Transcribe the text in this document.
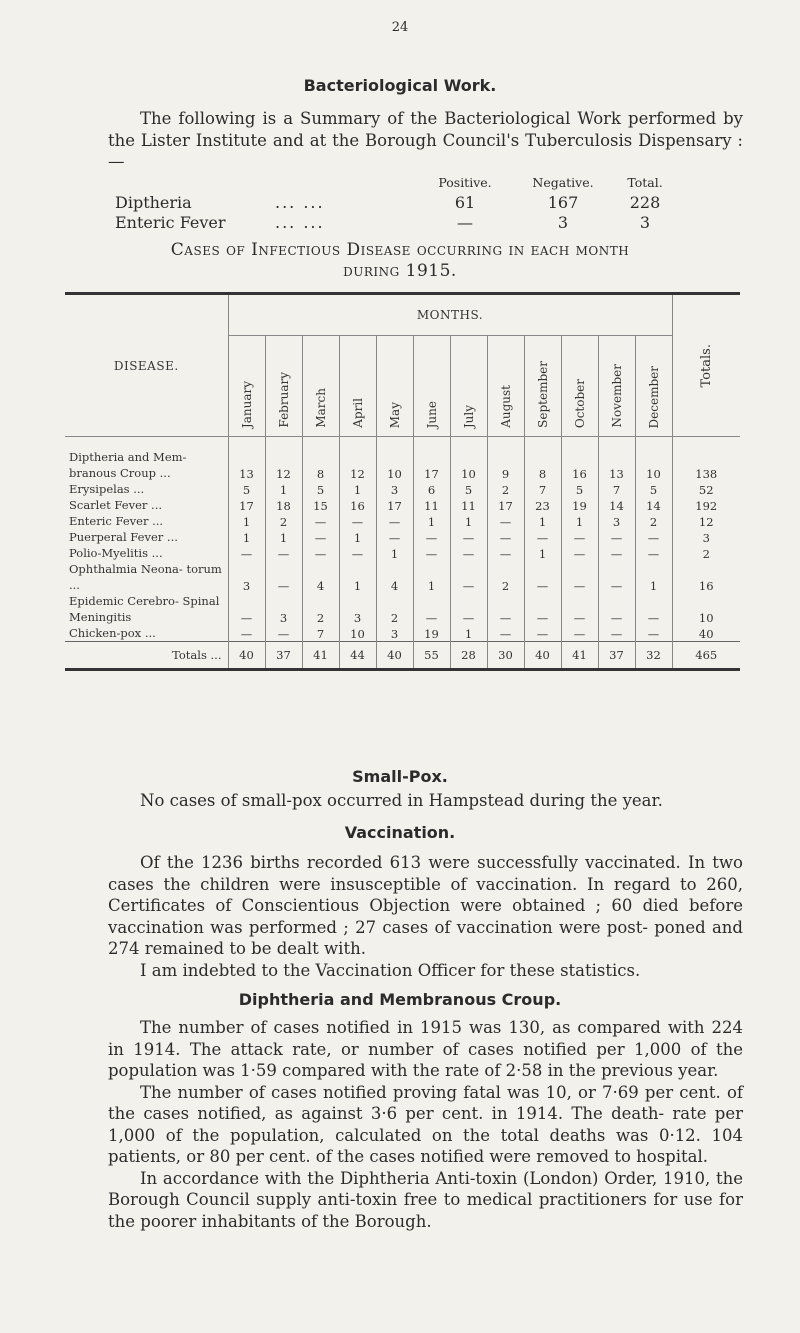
24
Bacteriological Work.

The following is a Summary of the Bacteriological Work performed by the Lister Institute and at the Borough Council's Tuberculosis Dispensary :—

Positive.	Negative.	Total.
Diptheria	... ...	61	167	228
Enteric Fever	... ...	—	3	3
Cases of Infectious Disease occurring in each month
during 1915.

DISEASE.	MONTHS.												Totals.

	January	February	March	April	May	June	July	August	September	October	November	December	

Diptheria and Mem- branous Croup ...	13	12	8	12	10	17	10	9	8	16	13	10	138
Erysipelas ...	5	1	5	1	3	6	5	2	7	5	7	5	52
Scarlet Fever ...	17	18	15	16	17	11	11	17	23	19	14	14	192
Enteric Fever ...	1	2	—	—	—	1	1	—	1	1	3	2	12
Puerperal Fever ...	1	1	—	1	—	—	—	—	—	—	—	—	3
Polio-Myelitis ...	—	—	—	—	1	—	—	—	1	—	—	—	2
Ophthalmia Neona- torum ...	3	—	4	1	4	1	—	2	—	—	—	1	16
Epidemic Cerebro- Spinal Meningitis	—	3	2	3	2	—	—	—	—	—	—	—	10
Chicken-pox ...	—	—	7	10	3	19	1	—	—	—	—	—	40
Totals ...	40	37	41	44	40	55	28	30	40	41	37	32	465
Small-Pox.

No cases of small-pox occurred in Hampstead during the year.

Vaccination.

Of the 1236 births recorded 613 were successfully vaccinated. In two cases the children were insusceptible of vaccination. In regard to 260, Certificates of Conscientious Objection were obtained ; 60 died before vaccination was performed ; 27 cases of vaccination were post- poned and 274 remained to be dealt with.

I am indebted to the Vaccination Officer for these statistics.

Diphtheria and Membranous Croup.

The number of cases notified in 1915 was 130, as compared with 224 in 1914. The attack rate, or number of cases notified per 1,000 of the population was 1·59 compared with the rate of 2·58 in the previous year.

The number of cases notified proving fatal was 10, or 7·69 per cent. of the cases notified, as against 3·6 per cent. in 1914. The death- rate per 1,000 of the population, calculated on the total deaths was 0·12. 104 patients, or 80 per cent. of the cases notified were removed to hospital.

In accordance with the Diphtheria Anti-toxin (London) Order, 1910, the Borough Council supply anti-toxin free to medical practitioners for use for the poorer inhabitants of the Borough.
